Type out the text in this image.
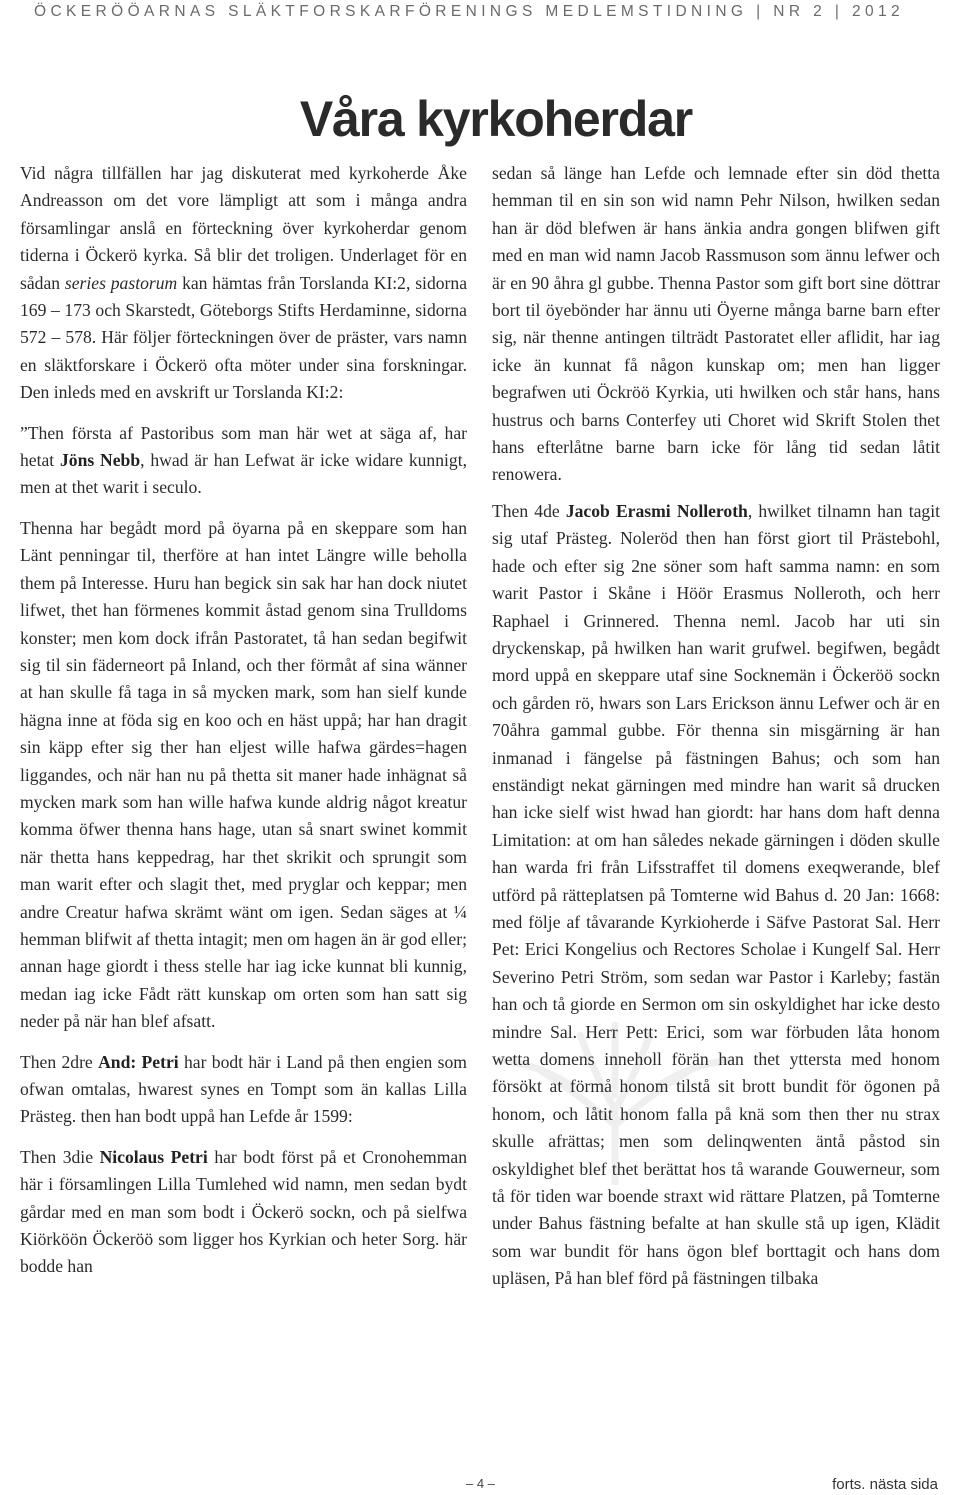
ÖCKERÖÖARNAS SLÄKTFORSKARFÖRENINGS MEDLEMSTIDNING | NR 2 | 2012
Våra kyrkoherdar

Vid några tillfällen har jag diskuterat med kyrkoherde Åke Andreasson om det vore lämpligt att som i många andra församlingar anslå en förteckning över kyrkoherdar genom tiderna i Öckerö kyrka. Så blir det troligen. Underlaget för en sådan series pastorum kan hämtas från Torslanda KI:2, sidorna 169 – 173 och Skarstedt, Göteborgs Stifts Herdaminne, sidorna 572 – 578. Här följer förteckningen över de präster, vars namn en släktforskare i Öckerö ofta möter under sina forskningar. Den inleds med en avskrift ur Torslanda KI:2:

”Then första af Pastoribus som man här wet at säga af, har hetat Jöns Nebb, hwad är han Lefwat är icke widare kunnigt, men at thet warit i seculo.

Thenna har begådt mord på öyarna på en skeppare som han Länt penningar til, therföre at han intet Längre wille beholla them på Interesse. Huru han begick sin sak har han dock niutet lifwet, thet han förmenes kommit åstad genom sina Trulldoms konster; men kom dock ifrån Pastoratet, tå han sedan begifwit sig til sin fäderneort på Inland, och ther förmåt af sina wänner at han skulle få taga in så mycken mark, som han sielf kunde hägna inne at föda sig en koo och en häst uppå; har han dragit sin käpp efter sig ther han eljest wille hafwa gärdes=hagen liggandes, och när han nu på thetta sit maner hade inhägnat så mycken mark som han wille hafwa kunde aldrig något kreatur komma öfwer thenna hans hage, utan så snart swinet kommit när thetta hans keppedrag, har thet skrikit och sprungit som man warit efter och slagit thet, med pryglar och keppar; men andre Creatur hafwa skrämt wänt om igen. Sedan säges at ¼ hemman blifwit af thetta intagit; men om hagen än är god eller; annan hage giordt i thess stelle har iag icke kunnat bli kunnig, medan iag icke Fådt rätt kunskap om orten som han satt sig neder på när han blef afsatt.

Then 2dre And: Petri har bodt här i Land på then engien som ofwan omtalas, hwarest synes en Tompt som än kallas Lilla Prästeg. then han bodt uppå han Lefde år 1599:

Then 3die Nicolaus Petri har bodt först på et Cronohemman här i församlingen Lilla Tumlehed wid namn, men sedan bydt gårdar med en man som bodt i Öckerö sockn, och på sielfwa Kiörköön Öckeröö som ligger hos Kyrkian och heter Sorg. här bodde han

sedan så länge han Lefde och lemnade efter sin död thetta hemman til en sin son wid namn Pehr Nilson, hwilken sedan han är död blefwen är hans änkia andra gongen blifwen gift med en man wid namn Jacob Rassmuson som ännu lefwer och är en 90 åhra gl gubbe. Thenna Pastor som gift bort sine döttrar bort til öyebönder har ännu uti Öyerne många barne barn efter sig, när thenne antingen tilträdt Pastoratet eller aflidit, har iag icke än kunnat få någon kunskap om; men han ligger begrafwen uti Öckröö Kyrkia, uti hwilken och står hans, hans hustrus och barns Conterfey uti Choret wid Skrift Stolen thet hans efterlåtne barne barn icke för lång tid sedan låtit renowera.

Then 4de Jacob Erasmi Nolleroth, hwilket tilnamn han tagit sig utaf Prästeg. Noleröd then han först giort til Prästebohl, hade och efter sig 2ne söner som haft samma namn: en som warit Pastor i Skåne i Höör Erasmus Nolleroth, och herr Raphael i Grinnered. Thenna neml. Jacob har uti sin dryckenskap, på hwilken han warit grufwel. begifwen, begådt mord uppå en skeppare utaf sine Socknemän i Öckeröö sockn och gården rö, hwars son Lars Erickson ännu Lefwer och är en 70åhra gammal gubbe. För thenna sin misgärning är han inmanad i fängelse på fästningen Bahus; och som han enständigt nekat gärningen med mindre han warit så drucken han icke sielf wist hwad han giordt: har hans dom haft denna Limitation: at om han således nekade gärningen i döden skulle han warda fri från Lifsstraffet til domens exeqwerande, blef utförd på rätteplatsen på Tomterne wid Bahus d. 20 Jan: 1668: med följe af tåvarande Kyrkioherde i Säfve Pastorat Sal. Herr Pet: Erici Kongelius och Rectores Scholae i Kungelf Sal. Herr Severino Petri Ström, som sedan war Pastor i Karleby; fastän han och tå giorde en Sermon om sin oskyldighet har icke desto mindre Sal. Herr Pett: Erici, som war förbuden låta honom wetta domens inneholl förän han thet yttersta med honom försökt at förmå honom tilstå sit brott bundit för ögonen på honom, och låtit honom falla på knä som then ther nu strax skulle afrättas; men som delinqwenten äntå påstod sin oskyldighet blef thet berättat hos tå warande Gouwerneur, som tå för tiden war boende straxt wid rättare Platzen, på Tomterne under Bahus fästning befalte at han skulle stå up igen, Klädit som war bundit för hans ögon blef borttagit och hans dom upläsen, På han blef förd på fästningen tilbaka

– 4 –	forts. nästa sida
